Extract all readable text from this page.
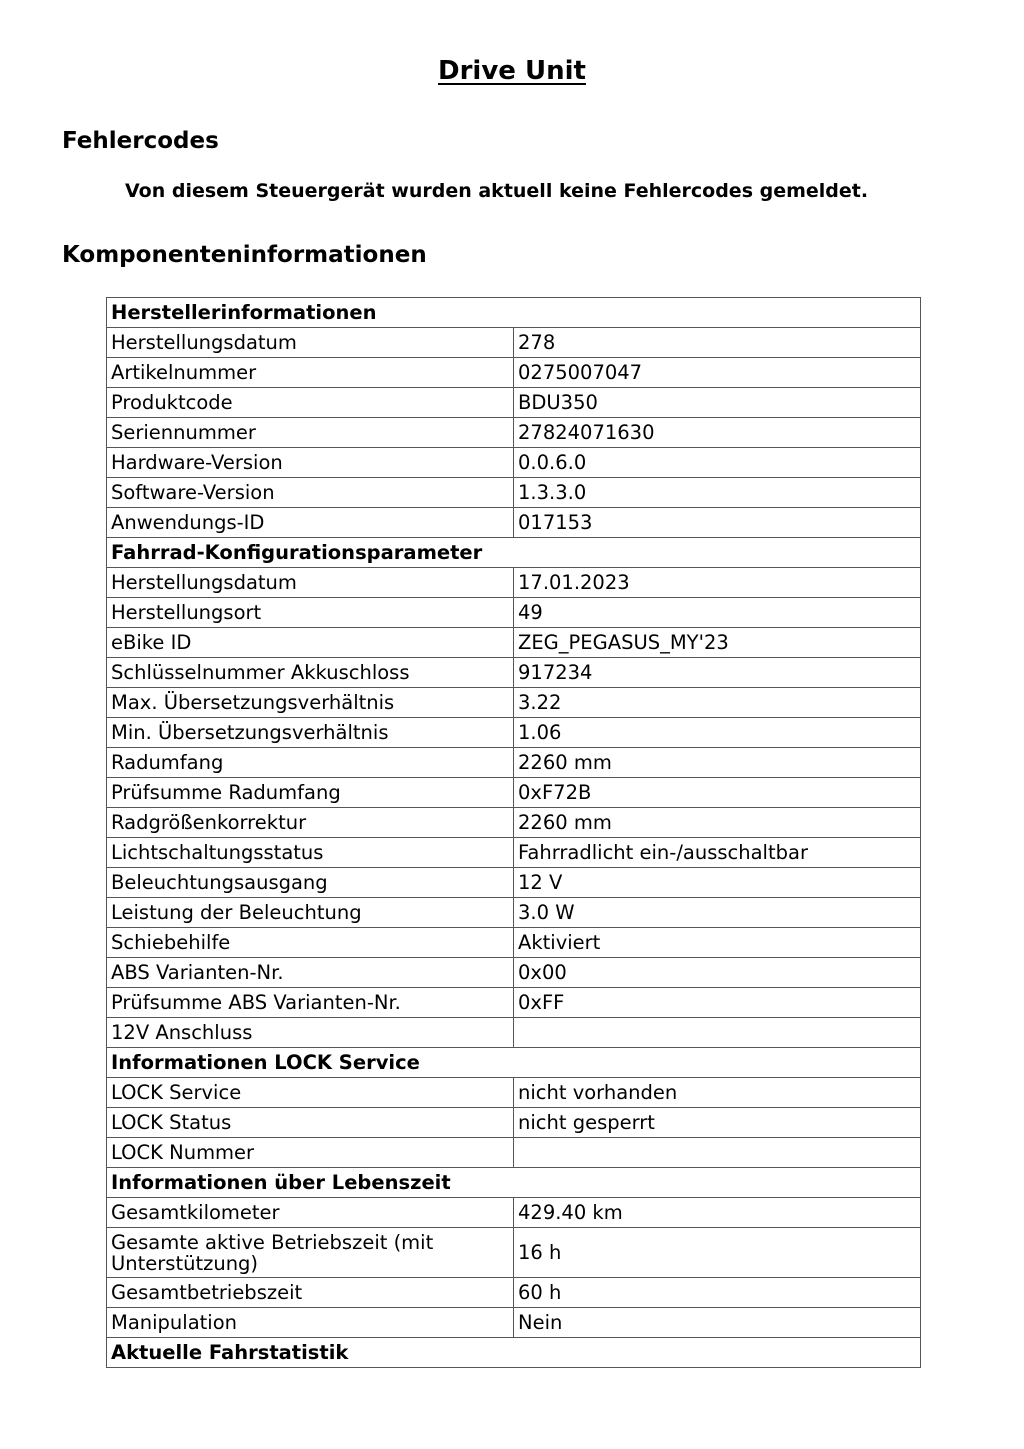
Drive Unit
Fehlercodes

Von diesem Steuergerät wurden aktuell keine Fehlercodes gemeldet.

Komponenteninformationen
Herstellerinformationen	
Herstellungsdatum	278
Artikelnummer	0275007047
Produktcode	BDU350
Seriennummer	27824071630
Hardware-Version	0.0.6.0
Software-Version	1.3.3.0
Anwendungs-ID	017153
Fahrrad-Konfigurationsparameter	
Herstellungsdatum	17.01.2023
Herstellungsort	49
eBike ID	ZEG_PEGASUS_MY'23
Schlüsselnummer Akkuschloss	917234
Max. Übersetzungsverhältnis	3.22
Min. Übersetzungsverhältnis	1.06
Radumfang	2260 mm
Prüfsumme Radumfang	0xF72B
Radgrößenkorrektur	2260 mm
Lichtschaltungsstatus	Fahrradlicht ein-/ausschaltbar
Beleuchtungsausgang	12 V
Leistung der Beleuchtung	3.0 W
Schiebehilfe	Aktiviert
ABS Varianten-Nr.	0x00
Prüfsumme ABS Varianten-Nr.	0xFF
12V Anschluss	
Informationen LOCK Service	
LOCK Service	nicht vorhanden
LOCK Status	nicht gesperrt
LOCK Nummer	
Informationen über Lebenszeit	
Gesamtkilometer	429.40 km
Gesamte aktive Betriebszeit (mit Unterstützung)	16 h
Gesamtbetriebszeit	60 h
Manipulation	Nein
Aktuelle Fahrstatistik	
